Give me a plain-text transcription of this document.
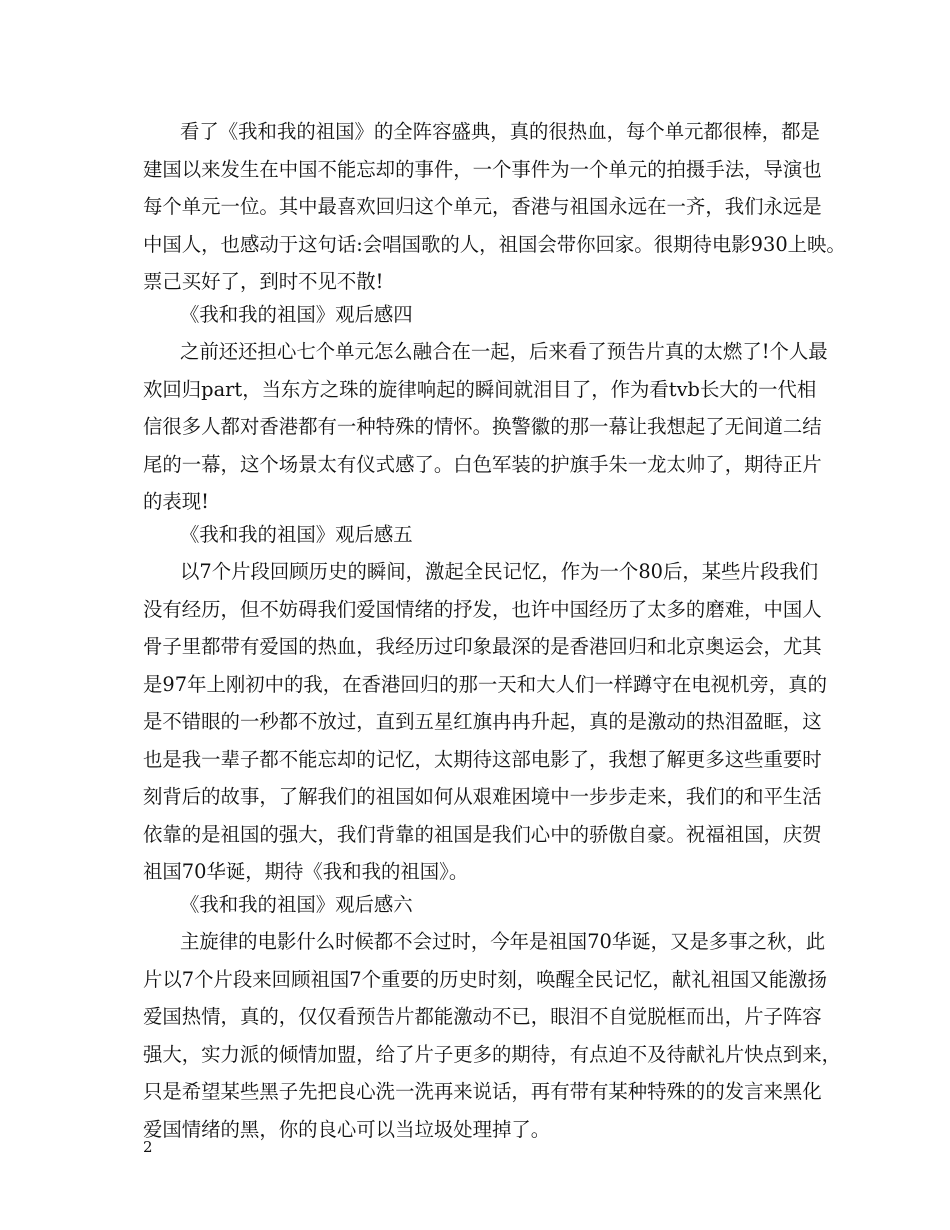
看了《我和我的祖国》的全阵容盛典，真的很热血，每个单元都很棒，都是
建国以来发生在中国不能忘却的事件，一个事件为一个单元的拍摄手法，导演也
每个单元一位。其中最喜欢回归这个单元，香港与祖国永远在一齐，我们永远是
中国人，也感动于这句话:会唱国歌的人，祖国会带你回家。很期待电影930上映。
票己买好了，到时不见不散!
《我和我的祖国》观后感四
之前还还担心七个单元怎么融合在一起，后来看了预告片真的太燃了!个人最
欢回归part，当东方之珠的旋律响起的瞬间就泪目了，作为看tvb长大的一代相
信很多人都对香港都有一种特殊的情怀。换警徽的那一幕让我想起了无间道二结
尾的一幕，这个场景太有仪式感了。白色军装的护旗手朱一龙太帅了，期待正片
的表现!
《我和我的祖国》观后感五
以7个片段回顾历史的瞬间，激起全民记忆，作为一个80后，某些片段我们
没有经历，但不妨碍我们爱国情绪的抒发，也许中国经历了太多的磨难，中国人
骨子里都带有爱国的热血，我经历过印象最深的是香港回归和北京奥运会，尤其
是97年上刚初中的我，在香港回归的那一天和大人们一样蹲守在电视机旁，真的
是不错眼的一秒都不放过，直到五星红旗冉冉升起，真的是激动的热泪盈眶，这
也是我一辈子都不能忘却的记忆，太期待这部电影了，我想了解更多这些重要时
刻背后的故事，了解我们的祖国如何从艰难困境中一步步走来，我们的和平生活
依靠的是祖国的强大，我们背靠的祖国是我们心中的骄傲自豪。祝福祖国，庆贺
祖国70华诞，期待《我和我的祖国》。
《我和我的祖国》观后感六
主旋律的电影什么时候都不会过时，今年是祖国70华诞，又是多事之秋，此
片以7个片段来回顾祖国7个重要的历史时刻，唤醒全民记忆，献礼祖国又能激扬
爱国热情，真的，仅仅看预告片都能激动不已，眼泪不自觉脱框而出，片子阵容
强大，实力派的倾情加盟，给了片子更多的期待，有点迫不及待献礼片快点到来，
只是希望某些黑子先把良心洗一洗再来说话，再有带有某种特殊的的发言来黑化
爱国情绪的黑，你的良心可以当垃圾处理掉了。
2
